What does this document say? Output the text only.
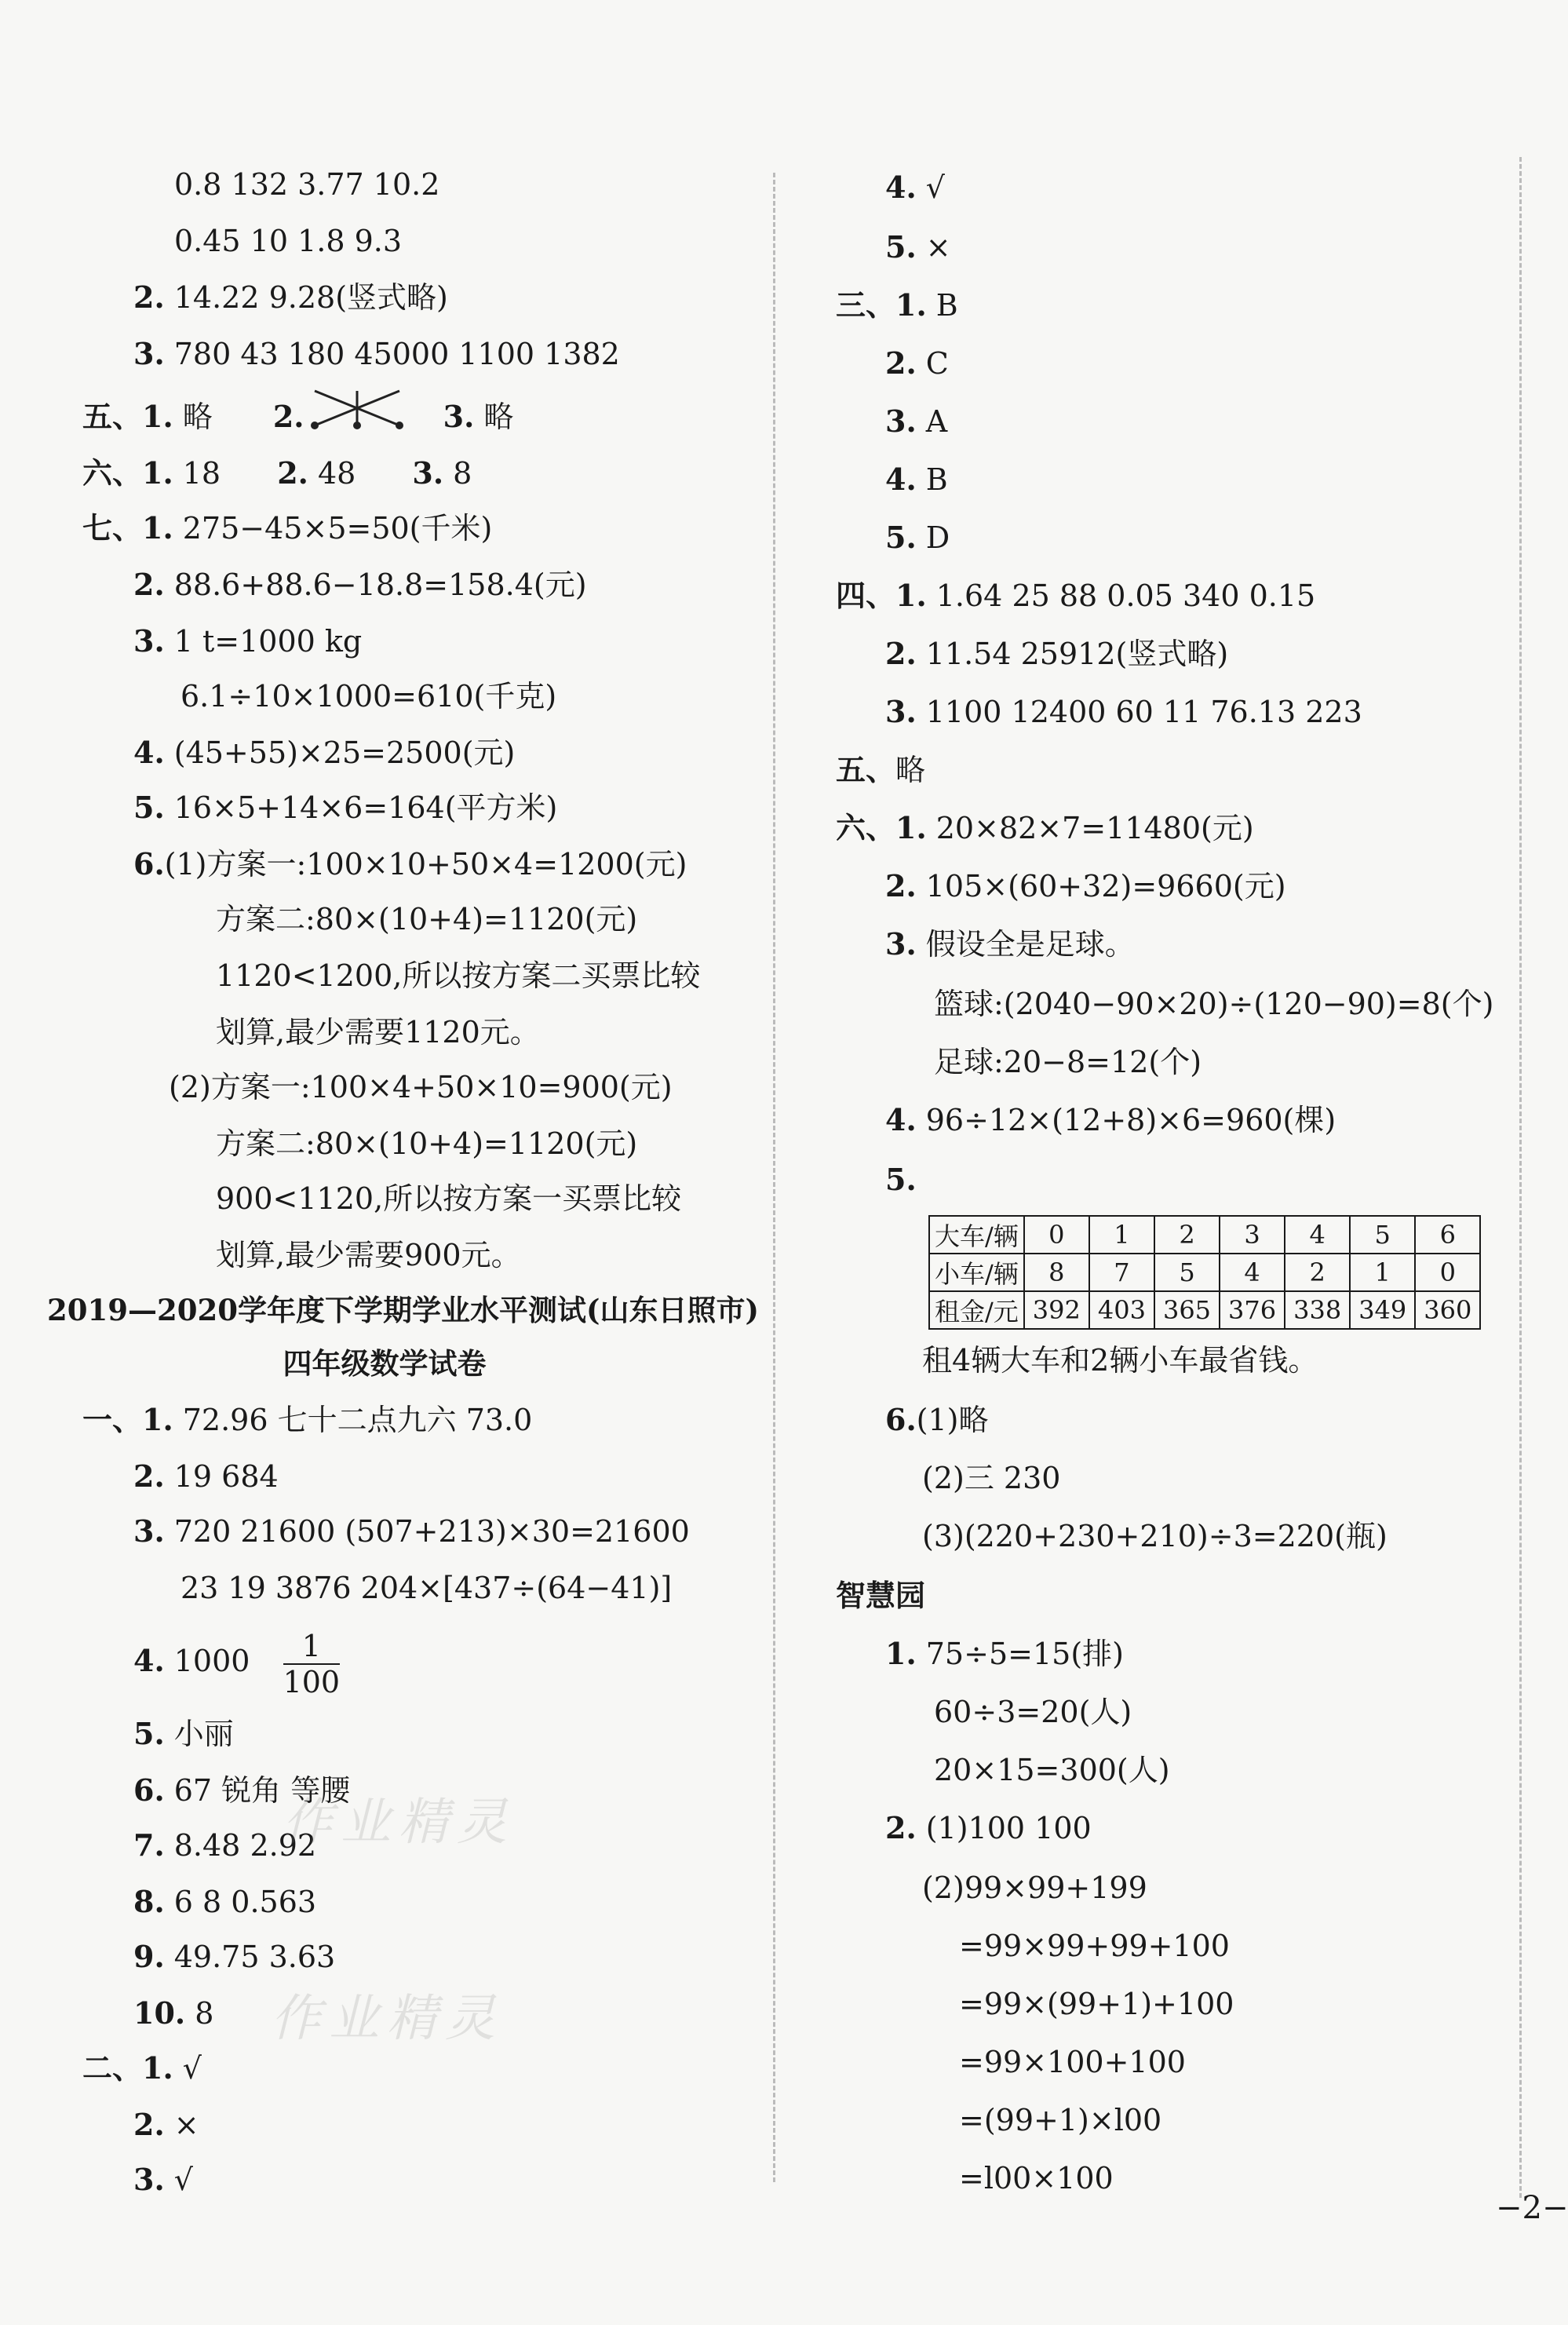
0.8 132 3.77 10.2
0.45 10 1.8 9.3
2. 14.22 9.28(竖式略)
3. 780 43 180 45000 1100 1382
五、1. 略 2.	3. 略
六、1. 18 2. 48 3. 8
七、1. 275−45×5=50(千米)
2. 88.6+88.6−18.8=158.4(元)
3. 1 t=1000 kg
6.1÷10×1000=610(千克)
4. (45+55)×25=2500(元)
5. 16×5+14×6=164(平方米)
6.(1)方案一:100×10+50×4=1200(元)
方案二:80×(10+4)=1120(元)
1120<1200,所以按方案二买票比较
划算,最少需要1120元。
(2)方案一:100×4+50×10=900(元)
方案二:80×(10+4)=1120(元)
900<1120,所以按方案一买票比较
划算,最少需要900元。
2019—2020学年度下学期学业水平测试(山东日照市)
四年级数学试卷
一、1. 72.96 七十二点九六 73.0
2. 19 684
3. 720 21600 (507+213)×30=21600
23 19 3876 204×[437÷(64−41)]
4. $1000 \frac{1}{100}$
5. 小丽
6. 67 锐角 等腰
7. 8.48 2.92
8. 6 8 0.563
9. 49.75 3.63
10. 8
二、1. √
2. ×
3. √
作业精灵
作业精灵
4. √
5. ×
三、1. B
2. C
3. A
4. B
5. D
四、1. 1.64 25 88 0.05 340 0.15
2. 11.54 25912(竖式略)
3. 1100 12400 60 11 76.13 223
五、略
六、1. 20×82×7=11480(元)
2. 105×(60+32)=9660(元)
3. 假设全是足球。
篮球:(2040−90×20)÷(120−90)=8(个)
足球:20−8=12(个)
4. 96÷12×(12+8)×6=960(棵)
5.
大车/辆	0	1	2	3	4	5	6
小车/辆	8	7	5	4	2	1	0
租金/元	392	403	365	376	338	349	360
租4辆大车和2辆小车最省钱。
6.(1)略
(2)三 230
(3)(220+230+210)÷3=220(瓶)
智慧园
1. 75÷5=15(排)
60÷3=20(人)
20×15=300(人)
2. (1)100 100
(2)99×99+199
=99×99+99+100
=99×(99+1)+100
=99×100+100
=(99+1)×l00
=l00×100
−2−
